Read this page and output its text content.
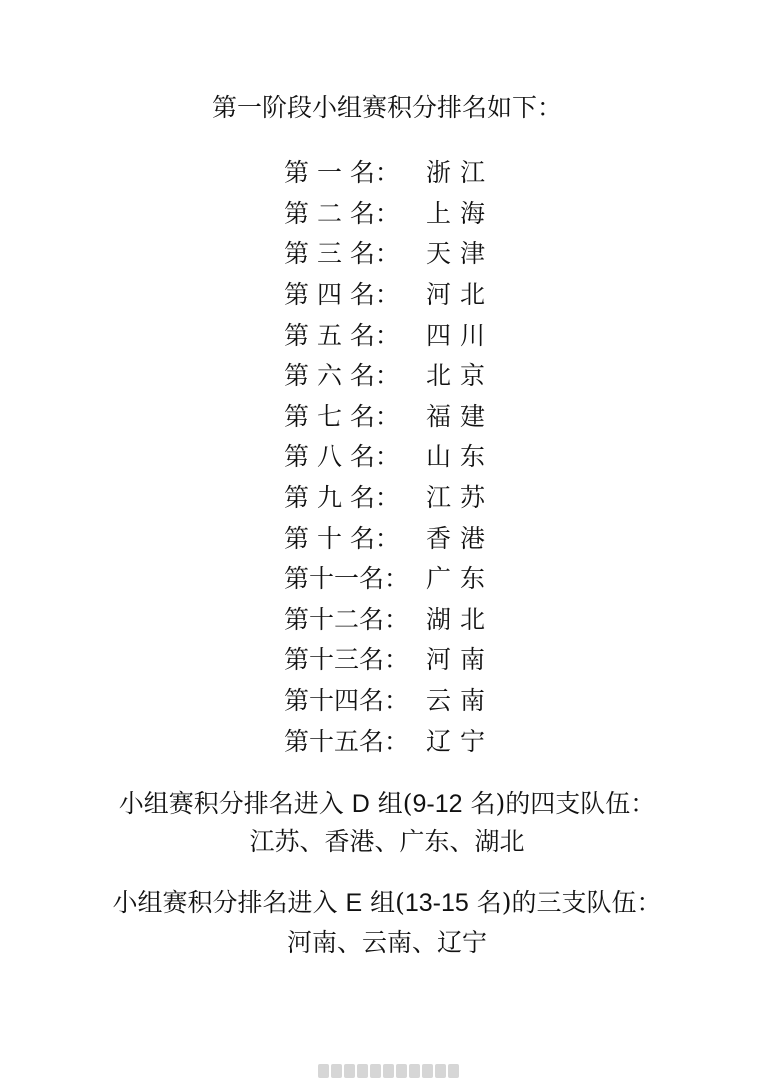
第一阶段小组赛积分排名如下：
第 一 名：	浙江
第 二 名：	上海
第 三 名：	天津
第 四 名：	河北
第 五 名：	四川
第 六 名：	北京
第 七 名：	福建
第 八 名：	山东
第 九 名：	江苏
第 十 名：	香港
第十一名： 广东
第十二名： 湖北
第十三名： 河南
第十四名： 云南
第十五名： 辽宁
小组赛积分排名进入 D 组(9-12 名)的四支队伍：
江苏、香港、广东、湖北
小组赛积分排名进入 E 组(13-15 名)的三支队伍：
河南、云南、辽宁
